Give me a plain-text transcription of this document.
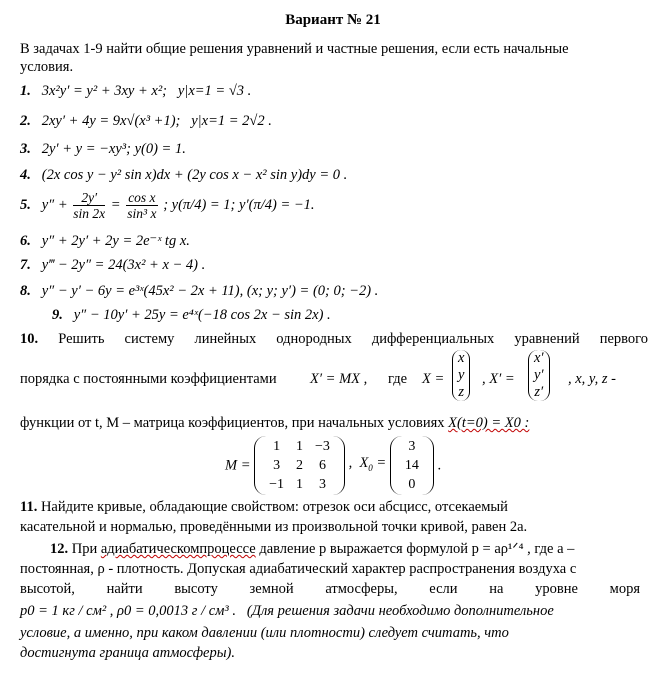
Вариант № 21
В задачах 1-9 найти общие решения уравнений и частные решения, если есть начальные
условия.
1. 3x²y′ = y² + 3xy + x²; y|x=1 = √3 .
2. 2xy′ + 4y = 9x√(x³ +1); y|x=1 = 2√2 .
3. 2y′ + y = −xy³; y(0) = 1.
4. (2x cos y − y² sin x)dx + (2y cos x − x² sin y)dy = 0 .
5. $y'' + \frac{2y'}{\sin 2x} = \frac{\text{cos x}}{\text{sin³ x}}$ ; y(π/4) = 1; y′(π/4) = −1.
6. y″ + 2y′ + 2y = 2e⁻ˣ tg x.
7. y‴ − 2y″ = 24(3x² + x − 4) .
8. y″ − y′ − 6y = e³ˣ(45x² − 2x + 11), (x; y; y′) = (0; 0; −2) .
9. y″ − 10y′ + 25y = e⁴ˣ(−18 cos 2x − sin 2x) .
10. Решить систему линейных однородных дифференциальных уравнений первого
порядка с постоянными коэффициентами X′ = MX , где X =
x
y
z
, X′ =
x′
y′
z′
, x, y, z -
функции от t, M – матрица коэффициентов, при начальных условиях X(t=0) = X0 :
M =
1	1	−3
3	2	6
−1	1	3
,  $X_0$ =
3
14
0
.
11. Найдите кривые, обладающие свойством: отрезок оси абсцисс, отсекаемый
касательной и нормалью, проведёнными из произвольной точки кривой, равен 2a.
12. При адиабатическомпроцессе давление p выражается формулой p = aρ¹ᐟ⁴ , где a –
постоянная, ρ - плотность. Допуская адиабатический характер распространения воздуха с
высотой, найти высоту земной атмосферы, если на уровне моря
p0 = 1 кг / см² , ρ0 = 0,0013 г / см³ . (Для решения задачи необходимо дополнительное
условие, а именно, при каком давлении (или плотности) следует считать, что
достигнута граница атмосферы).
